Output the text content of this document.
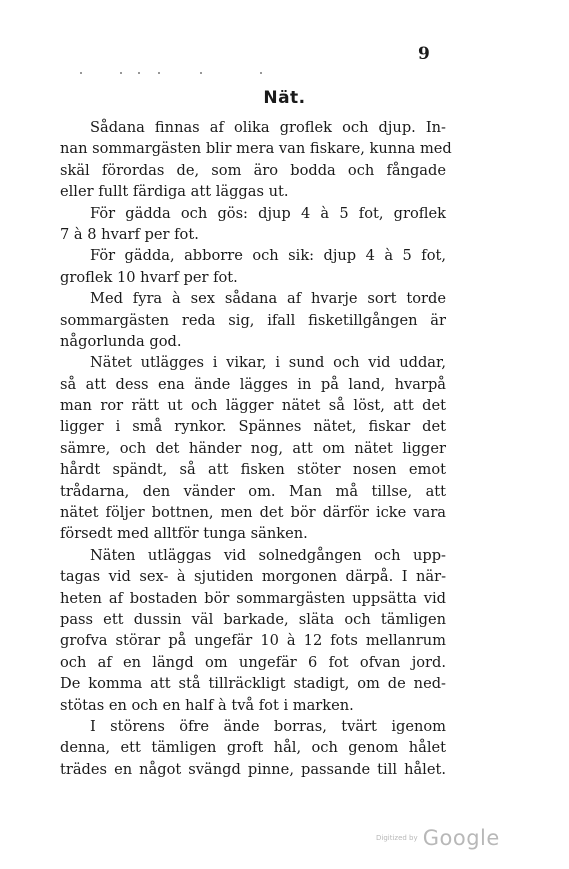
9
Nät.
Sådana finnas af olika groflek och djup. In-
nan sommargästen blir mera van fiskare, kunna med
skäl förordas de, som äro bodda och fångade
eller fullt färdiga att läggas ut.
För gädda och gös: djup 4 à 5 fot, groflek
7 à 8 hvarf per fot.
För gädda, abborre och sik: djup 4 à 5 fot,
groflek 10 hvarf per fot.
Med fyra à sex sådana af hvarje sort torde
sommargästen reda sig, ifall fisketillgången är
någorlunda god.
Nätet utlägges i vikar, i sund och vid uddar,
så att dess ena ände lägges in på land, hvarpå
man ror rätt ut och lägger nätet så löst, att det
ligger i små rynkor. Spännes nätet, fiskar det
sämre, och det händer nog, att om nätet ligger
hårdt spändt, så att fisken stöter nosen emot
trådarna, den vänder om. Man må tillse, att
nätet följer bottnen, men det bör därför icke vara
försedt med alltför tunga sänken.
Näten utläggas vid solnedgången och upp-
tagas vid sex- à sjutiden morgonen därpå. I när-
heten af bostaden bör sommargästen uppsätta vid
pass ett dussin väl barkade, släta och tämligen
grofva störar på ungefär 10 à 12 fots mellanrum
och af en längd om ungefär 6 fot ofvan jord.
De komma att stå tillräckligt stadigt, om de ned-
stötas en och en half à två fot i marken.
I störens öfre ände borras, tvärt igenom
denna, ett tämligen groft hål, och genom hålet
trädes en något svängd pinne, passande till hålet.
Digitized by Google
